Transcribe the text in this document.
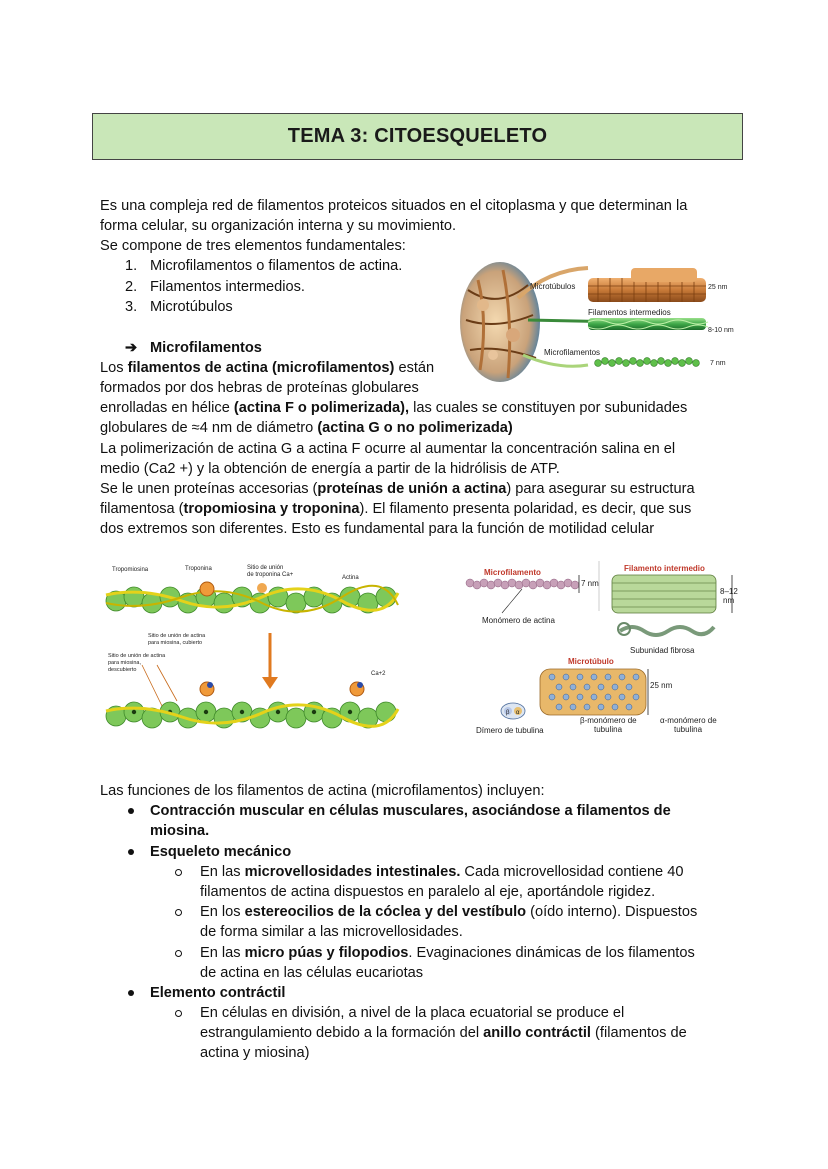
TEMA 3: CITOESQUELETO

Es una compleja red de filamentos proteicos situados en el citoplasma y que determinan la

forma celular, su organización interna y su movimiento.

Se compone de tres elementos fundamentales:

1. Microfilamentos o filamentos de actina.
2. Filamentos intermedios.
3. Microtúbulos
➔ Microfilamentos

Los filamentos de actina (microfilamentos) están

formados por dos hebras de proteínas globulares

enrolladas en hélice (actina F o polimerizada), las cuales se constituyen por subunidades

globulares de ≈4 nm de diámetro (actina G o no polimerizada)

La polimerización de actina G a actina F ocurre al aumentar la concentración salina en el

medio (Ca2 +) y la obtención de energía a partir de la hidrólisis de ATP.

Se le unen proteínas accesorias (proteínas de unión a actina) para asegurar su estructura

filamentosa (tropomiosina y troponina). El filamento presenta polaridad, es decir, que sus

dos extremos son diferentes. Esto es fundamental para la función de motilidad celular

Microtúbulos	25 nm
Filamentos intermedios
8-10 nm
Microfilamentos
7 nm
Tropomiosina	Troponina	Sitio de unión
de troponina Ca+	Actina
Sitio de unión de actina
para miosina, cubierto
Sitio de unión de actina
para miosina,
descubierto
Ca+2
Microfilamento
7 nm
Monómero de actina
Filamento intermedio
8–12
nm
Subunidad fibrosa
Microtúbulo
25 nm
β α
Dímero de tubulina
β-monómero de
tubulina
α-monómero de
tubulina

Las funciones de los filamentos de actina (microfilamentos) incluyen:

Contracción muscular en células musculares, asociándose a filamentos de

miosina.

Esqueleto mecánico

En las microvellosidades intestinales. Cada microvellosidad contiene 40

filamentos de actina dispuestos en paralelo al eje, aportándole rigidez.

En los estereocilios de la cóclea y del vestíbulo (oído interno). Dispuestos

de forma similar a las microvellosidades.

En las micro púas y filopodios. Evaginaciones dinámicas de los filamentos

de actina en las células eucariotas

Elemento contráctil

En células en división, a nivel de la placa ecuatorial se produce el

estrangulamiento debido a la formación del anillo contráctil (filamentos de

actina y miosina)
